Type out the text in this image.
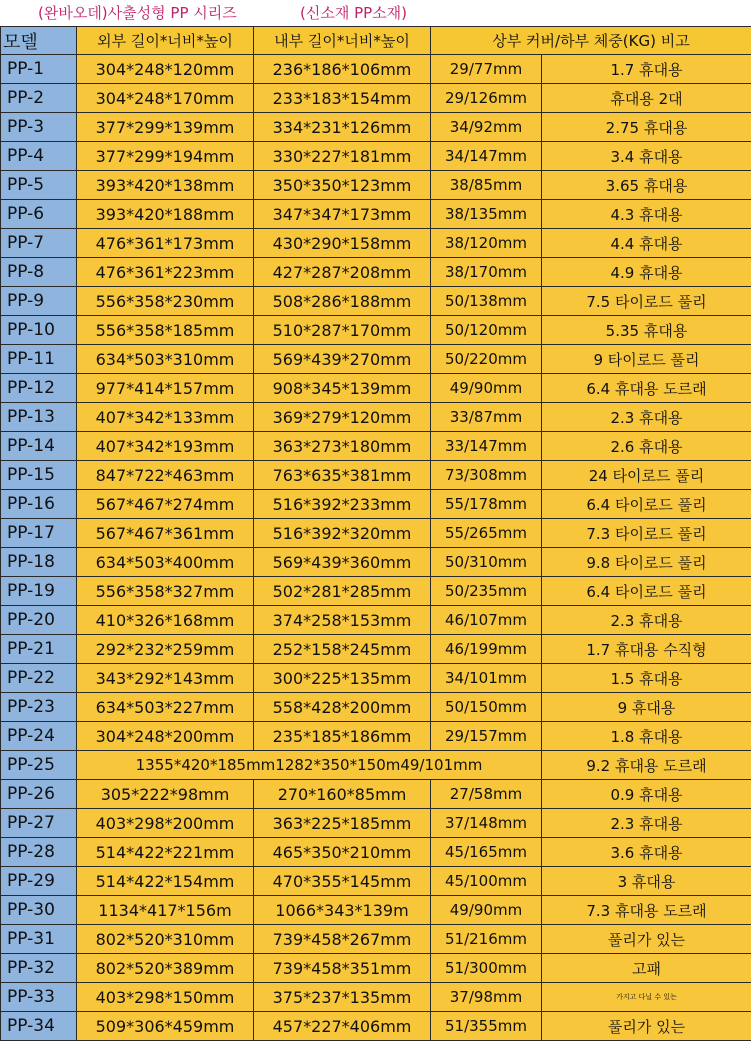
(완바오데)사출성형 PP 시리즈	(신소재 PP소재)
모델	외부 길이*너비*높이	내부 길이*너비*높이	상부 커버/하부 체중(KG) 비고	
PP-1	304*248*120mm	236*186*106mm	29/77mm	1.7 휴대용
PP-2	304*248*170mm	233*183*154mm	29/126mm	휴대용 2대
PP-3	377*299*139mm	334*231*126mm	34/92mm	2.75 휴대용
PP-4	377*299*194mm	330*227*181mm	34/147mm	3.4 휴대용
PP-5	393*420*138mm	350*350*123mm	38/85mm	3.65 휴대용
PP-6	393*420*188mm	347*347*173mm	38/135mm	4.3 휴대용
PP-7	476*361*173mm	430*290*158mm	38/120mm	4.4 휴대용
PP-8	476*361*223mm	427*287*208mm	38/170mm	4.9 휴대용
PP-9	556*358*230mm	508*286*188mm	50/138mm	7.5 타이로드 풀리
PP-10	556*358*185mm	510*287*170mm	50/120mm	5.35 휴대용
PP-11	634*503*310mm	569*439*270mm	50/220mm	9 타이로드 풀리
PP-12	977*414*157mm	908*345*139mm	49/90mm	6.4 휴대용 도르래
PP-13	407*342*133mm	369*279*120mm	33/87mm	2.3 휴대용
PP-14	407*342*193mm	363*273*180mm	33/147mm	2.6 휴대용
PP-15	847*722*463mm	763*635*381mm	73/308mm	24 타이로드 풀리
PP-16	567*467*274mm	516*392*233mm	55/178mm	6.4 타이로드 풀리
PP-17	567*467*361mm	516*392*320mm	55/265mm	7.3 타이로드 풀리
PP-18	634*503*400mm	569*439*360mm	50/310mm	9.8 타이로드 풀리
PP-19	556*358*327mm	502*281*285mm	50/235mm	6.4 타이로드 풀리
PP-20	410*326*168mm	374*258*153mm	46/107mm	2.3 휴대용
PP-21	292*232*259mm	252*158*245mm	46/199mm	1.7 휴대용 수직형
PP-22	343*292*143mm	300*225*135mm	34/101mm	1.5 휴대용
PP-23	634*503*227mm	558*428*200mm	50/150mm	9 휴대용
PP-24	304*248*200mm	235*185*186mm	29/157mm	1.8 휴대용
PP-25	1355*420*185mm1282*350*150m49/101mm			9.2 휴대용 도르래
PP-26	305*222*98mm	270*160*85mm	27/58mm	0.9 휴대용
PP-27	403*298*200mm	363*225*185mm	37/148mm	2.3 휴대용
PP-28	514*422*221mm	465*350*210mm	45/165mm	3.6 휴대용
PP-29	514*422*154mm	470*355*145mm	45/100mm	3 휴대용
PP-30	1134*417*156m	1066*343*139m	49/90mm	7.3 휴대용 도르래
PP-31	802*520*310mm	739*458*267mm	51/216mm	풀리가 있는
PP-32	802*520*389mm	739*458*351mm	51/300mm	고패
PP-33	403*298*150mm	375*237*135mm	37/98mm	가지고 다닐 수 있는
PP-34	509*306*459mm	457*227*406mm	51/355mm	풀리가 있는
